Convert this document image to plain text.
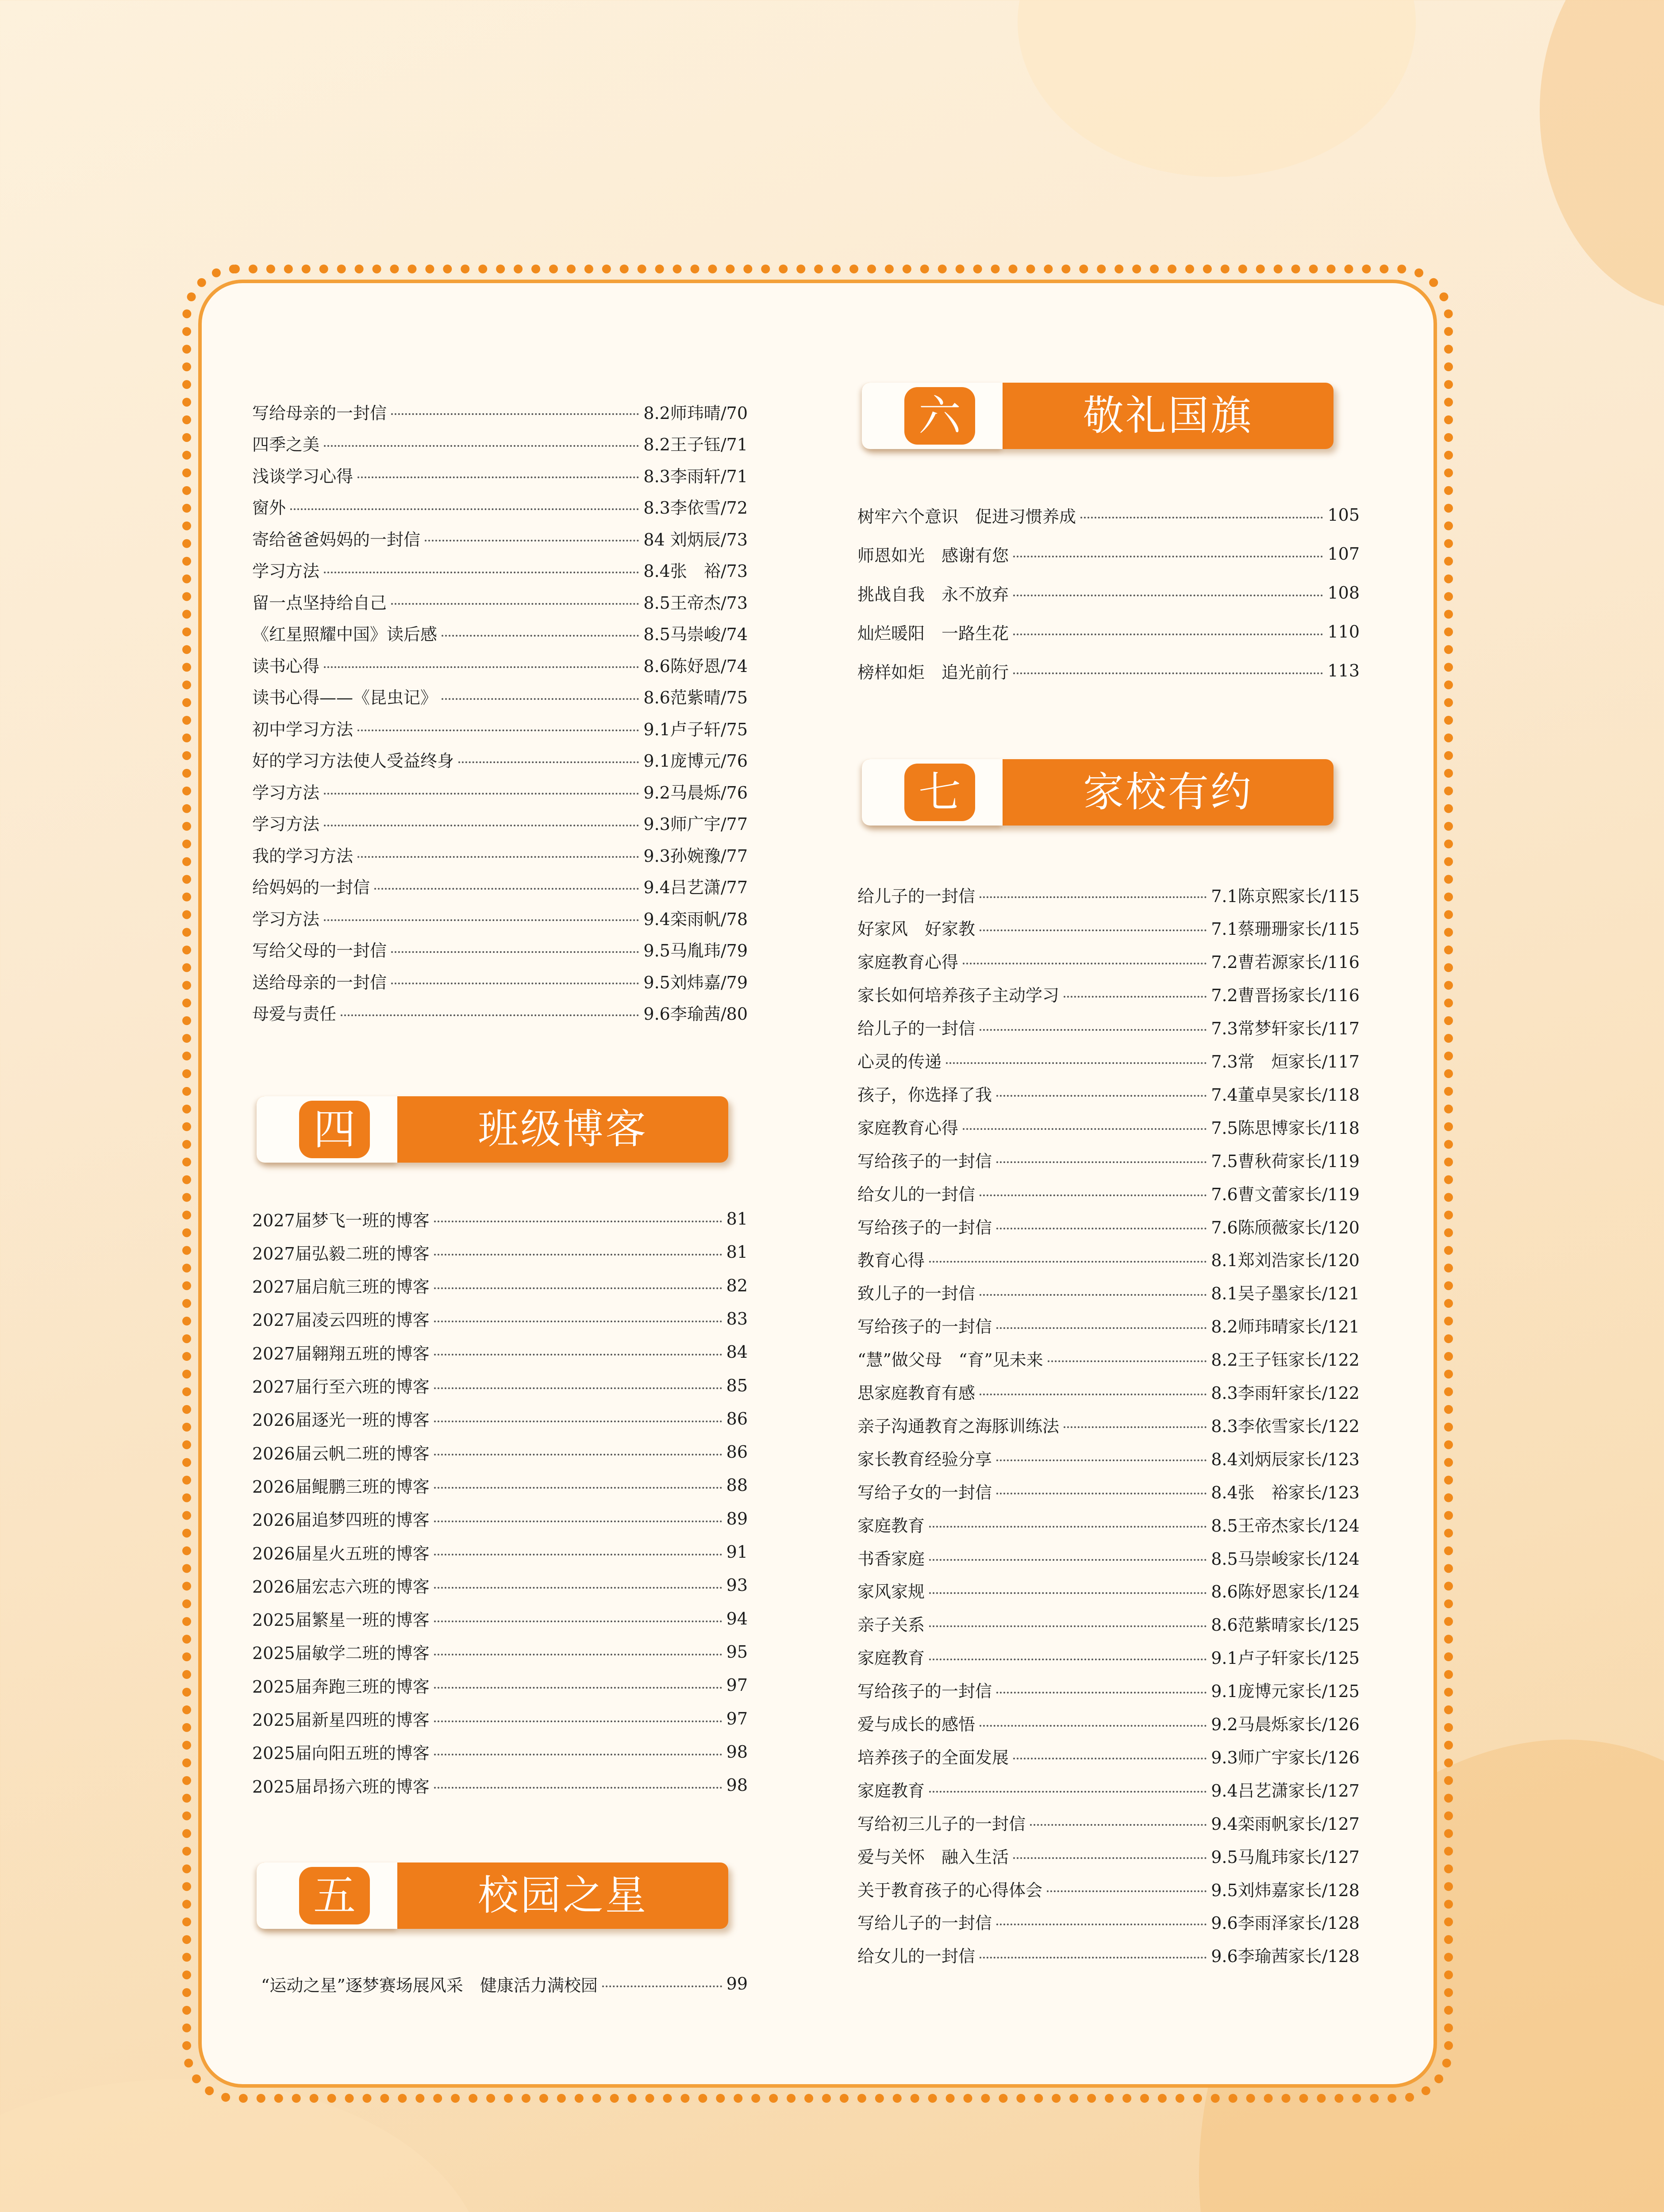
写给母亲的一封信	8.2师玮晴/70
四季之美	8.2王子钰/71
浅谈学习心得	8.3李雨轩/71
窗外	8.3李依雪/72
寄给爸爸妈妈的一封信	84 刘炳辰/73
学习方法	8.4张　裕/73
留一点坚持给自己	8.5王帝杰/73
《红星照耀中国》读后感	8.5马崇峻/74
读书心得	8.6陈妤恩/74
读书心得——《昆虫记》	8.6范紫晴/75
初中学习方法	9.1卢子轩/75
好的学习方法使人受益终身	9.1庞博元/76
学习方法	9.2马晨烁/76
学习方法	9.3师广宇/77
我的学习方法	9.3孙婉豫/77
给妈妈的一封信	9.4吕艺潇/77
学习方法	9.4栾雨帆/78
写给父母的一封信	9.5马胤玮/79
送给母亲的一封信	9.5刘炜嘉/79
母爱与责任	9.6李瑜茜/80
四	班级博客
2027届梦飞一班的博客	81
2027届弘毅二班的博客	81
2027届启航三班的博客	82
2027届凌云四班的博客	83
2027届翱翔五班的博客	84
2027届行至六班的博客	85
2026届逐光一班的博客	86
2026届云帆二班的博客	86
2026届鲲鹏三班的博客	88
2026届追梦四班的博客	89
2026届星火五班的博客	91
2026届宏志六班的博客	93
2025届繁星一班的博客	94
2025届敏学二班的博客	95
2025届奔跑三班的博客	97
2025届新星四班的博客	97
2025届向阳五班的博客	98
2025届昂扬六班的博客	98
五	校园之星
“运动之星”逐梦赛场展风采　健康活力满校园	99
六	敬礼国旗
树牢六个意识　促进习惯养成	105
师恩如光　感谢有您	107
挑战自我　永不放弃	108
灿烂暖阳　一路生花	110
榜样如炬　追光前行	113
七	家校有约
给儿子的一封信	7.1陈京熙家长/115
好家风　好家教	7.1蔡珊珊家长/115
家庭教育心得	7.2曹若源家长/116
家长如何培养孩子主动学习	7.2曹晋扬家长/116
给儿子的一封信	7.3常梦轩家长/117
心灵的传递	7.3常　烜家长/117
孩子，你选择了我	7.4董卓昊家长/118
家庭教育心得	7.5陈思博家长/118
写给孩子的一封信	7.5曹秋荷家长/119
给女儿的一封信	7.6曹文蕾家长/119
写给孩子的一封信	7.6陈颀薇家长/120
教育心得	8.1郑刘浩家长/120
致儿子的一封信	8.1吴子墨家长/121
写给孩子的一封信	8.2师玮晴家长/121
“慧”做父母　“育”见未来	8.2王子钰家长/122
思家庭教育有感	8.3李雨轩家长/122
亲子沟通教育之海豚训练法	8.3李依雪家长/122
家长教育经验分享	8.4刘炳辰家长/123
写给子女的一封信	8.4张　裕家长/123
家庭教育	8.5王帝杰家长/124
书香家庭	8.5马崇峻家长/124
家风家规	8.6陈妤恩家长/124
亲子关系	8.6范紫晴家长/125
家庭教育	9.1卢子轩家长/125
写给孩子的一封信	9.1庞博元家长/125
爱与成长的感悟	9.2马晨烁家长/126
培养孩子的全面发展	9.3师广宇家长/126
家庭教育	9.4吕艺潇家长/127
写给初三儿子的一封信	9.4栾雨帆家长/127
爱与关怀　融入生活	9.5马胤玮家长/127
关于教育孩子的心得体会	9.5刘炜嘉家长/128
写给儿子的一封信	9.6李雨泽家长/128
给女儿的一封信	9.6李瑜茜家长/128
